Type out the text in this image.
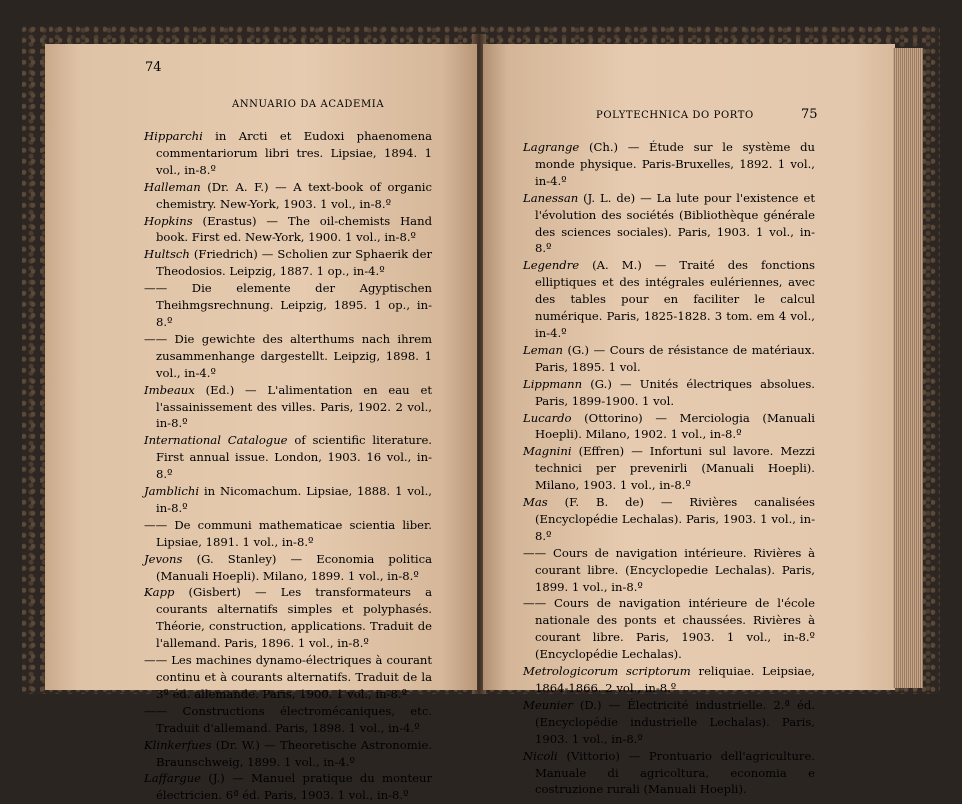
74
ANNUARIO DA ACADEMIA
POLYTECHNICA DO PORTO	75

Hipparchi in Arcti et Eudoxi phaenomena commentariorum libri tres. Lipsiae, 1894. 1 vol., in-8.º

Halleman (Dr. A. F.) — A text-book of organic chemistry. New-York, 1903. 1 vol., in-8.º

Hopkins (Erastus) — The oil-chemists Hand book. First ed. New-York, 1900. 1 vol., in-8.º

Hultsch (Friedrich) — Scholien zur Sphaerik der Theodosios. Leipzig, 1887. 1 op., in-4.º

—— Die elemente der Agyptischen Theihmgsrechnung. Leipzig, 1895. 1 op., in-8.º

—— Die gewichte des alterthums nach ihrem zusammenhange dargestellt. Leipzig, 1898. 1 vol., in-4.º

Imbeaux (Ed.) — L'alimentation en eau et l'assainissement des villes. Paris, 1902. 2 vol., in-8.º

International Catalogue of scientific literature. First annual issue. London, 1903. 16 vol., in-8.º

Jamblichi in Nicomachum. Lipsiae, 1888. 1 vol., in-8.º

—— De communi mathematicae scientia liber. Lipsiae, 1891. 1 vol., in-8.º

Jevons (G. Stanley) — Economia politica (Manuali Hoepli). Milano, 1899. 1 vol., in-8.º

Kapp (Gisbert) — Les transformateurs a courants alternatifs simples et polyphasés. Théorie, construction, applications. Traduit de l'allemand. Paris, 1896. 1 vol., in-8.º

—— Les machines dynamo-électriques à courant continu et à courants alternatifs. Traduit de la 3ª éd. allemande. Paris, 1900. 1 vol., in-8.º

—— Constructions électromécaniques, etc. Traduit d'allemand. Paris, 1898. 1 vol., in-4.º

Klinkerfues (Dr. W.) — Theoretische Astronomie. Braunschweig, 1899. 1 vol., in-4.º

Laffargue (J.) — Manuel pratique du monteur électricien. 6ª éd. Paris, 1903. 1 vol., in-8.º

Lagrange (Ch.) — Étude sur le système du monde physique. Paris-Bruxelles, 1892. 1 vol., in-4.º

Lanessan (J. L. de) — La lute pour l'existence et l'évolution des sociétés (Bibliothèque générale des sciences sociales). Paris, 1903. 1 vol., in-8.º

Legendre (A. M.) — Traité des fonctions elliptiques et des intégrales eulériennes, avec des tables pour en faciliter le calcul numérique. Paris, 1825-1828. 3 tom. em 4 vol., in-4.º

Leman (G.) — Cours de résistance de matériaux. Paris, 1895. 1 vol.

Lippmann (G.) — Unités électriques absolues. Paris, 1899-1900. 1 vol.

Lucardo (Ottorino) — Merciologia (Manuali Hoepli). Milano, 1902. 1 vol., in-8.º

Magnini (Effren) — Infortuni sul lavore. Mezzi technici per prevenirli (Manuali Hoepli). Milano, 1903. 1 vol., in-8.º

Mas (F. B. de) — Rivières canalisées (Encyclopédie Lechalas). Paris, 1903. 1 vol., in-8.º

—— Cours de navigation intérieure. Rivières à courant libre. (Encyclopedie Lechalas). Paris, 1899. 1 vol., in-8.º

—— Cours de navigation intérieure de l'école nationale des ponts et chaussées. Rivières à courant libre. Paris, 1903. 1 vol., in-8.º (Encyclopédie Lechalas).

Metrologicorum scriptorum reliquiae. Leipsiae, 1864-1866. 2 vol., in-8.º

Meunier (D.) — Électricité industrielle. 2.ª éd. (Encyclopédie industrielle Lechalas). Paris, 1903. 1 vol., in-8.º

Nicoli (Vittorio) — Prontuario dell'agriculture. Manuale di agricoltura, economia e costruzione rurali (Manuali Hoepli).
